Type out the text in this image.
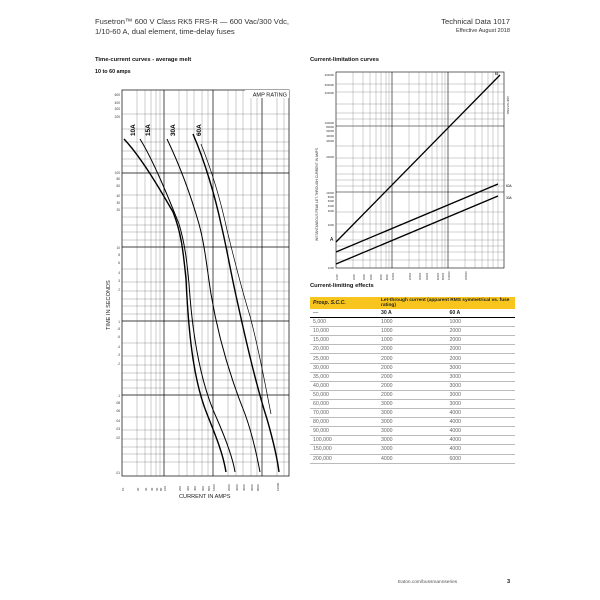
Fusetron™ 600 V Class RK5 FRS-R — 600 Vac/300 Vdc,
1/10-60 A, dual element, time-delay fuses
Technical Data 1017
Effective August 2018
Time-current curves - average melt
10 to 60 amps
AMP RATING
10A 15A	30A	60A
600
400
300
200
100
80
60
40
30
20
10
8
6
4
3
2
1
.8
.6
.4
.3
.2
.1
.08
.06
.04
.03
.02
.01
10	20 30 40 60 80 100	200 300 400 600 800 1000	2000 3000 4000 6000 8000	10000
TIME IN SECONDS
CURRENT IN AMPS
Current-limitation curves
B
A
60A
30A
AMP RATING
INSTANTANEOUS PEAK LET-THROUGH CURRENT IN AMPS
400000
300000
200000
100000
80000
60000
40000
30000
20000
10000
8000
6000
4000
3000
2000
1000
1000	2000	3000	4000	6000	8000	10000	20000	30000	40000	60000 80000	100000	200000
Current-limiting effects
Prosp. S.C.C.	Let-through current (apparent RMS symmetrical vs. fuse rating)	
—	30 A	60 A
5,000	1000	1000
10,000	1000	2000
15,000	1000	2000
20,000	2000	2000
25,000	2000	2000
30,000	2000	3000
35,000	2000	3000
40,000	2000	3000
50,000	2000	3000
60,000	3000	3000
70,000	3000	4000
80,000	3000	4000
90,000	3000	4000
100,000	3000	4000
150,000	3000	4000
200,000	4000	6000
Eaton.com/bussmannseries	3
